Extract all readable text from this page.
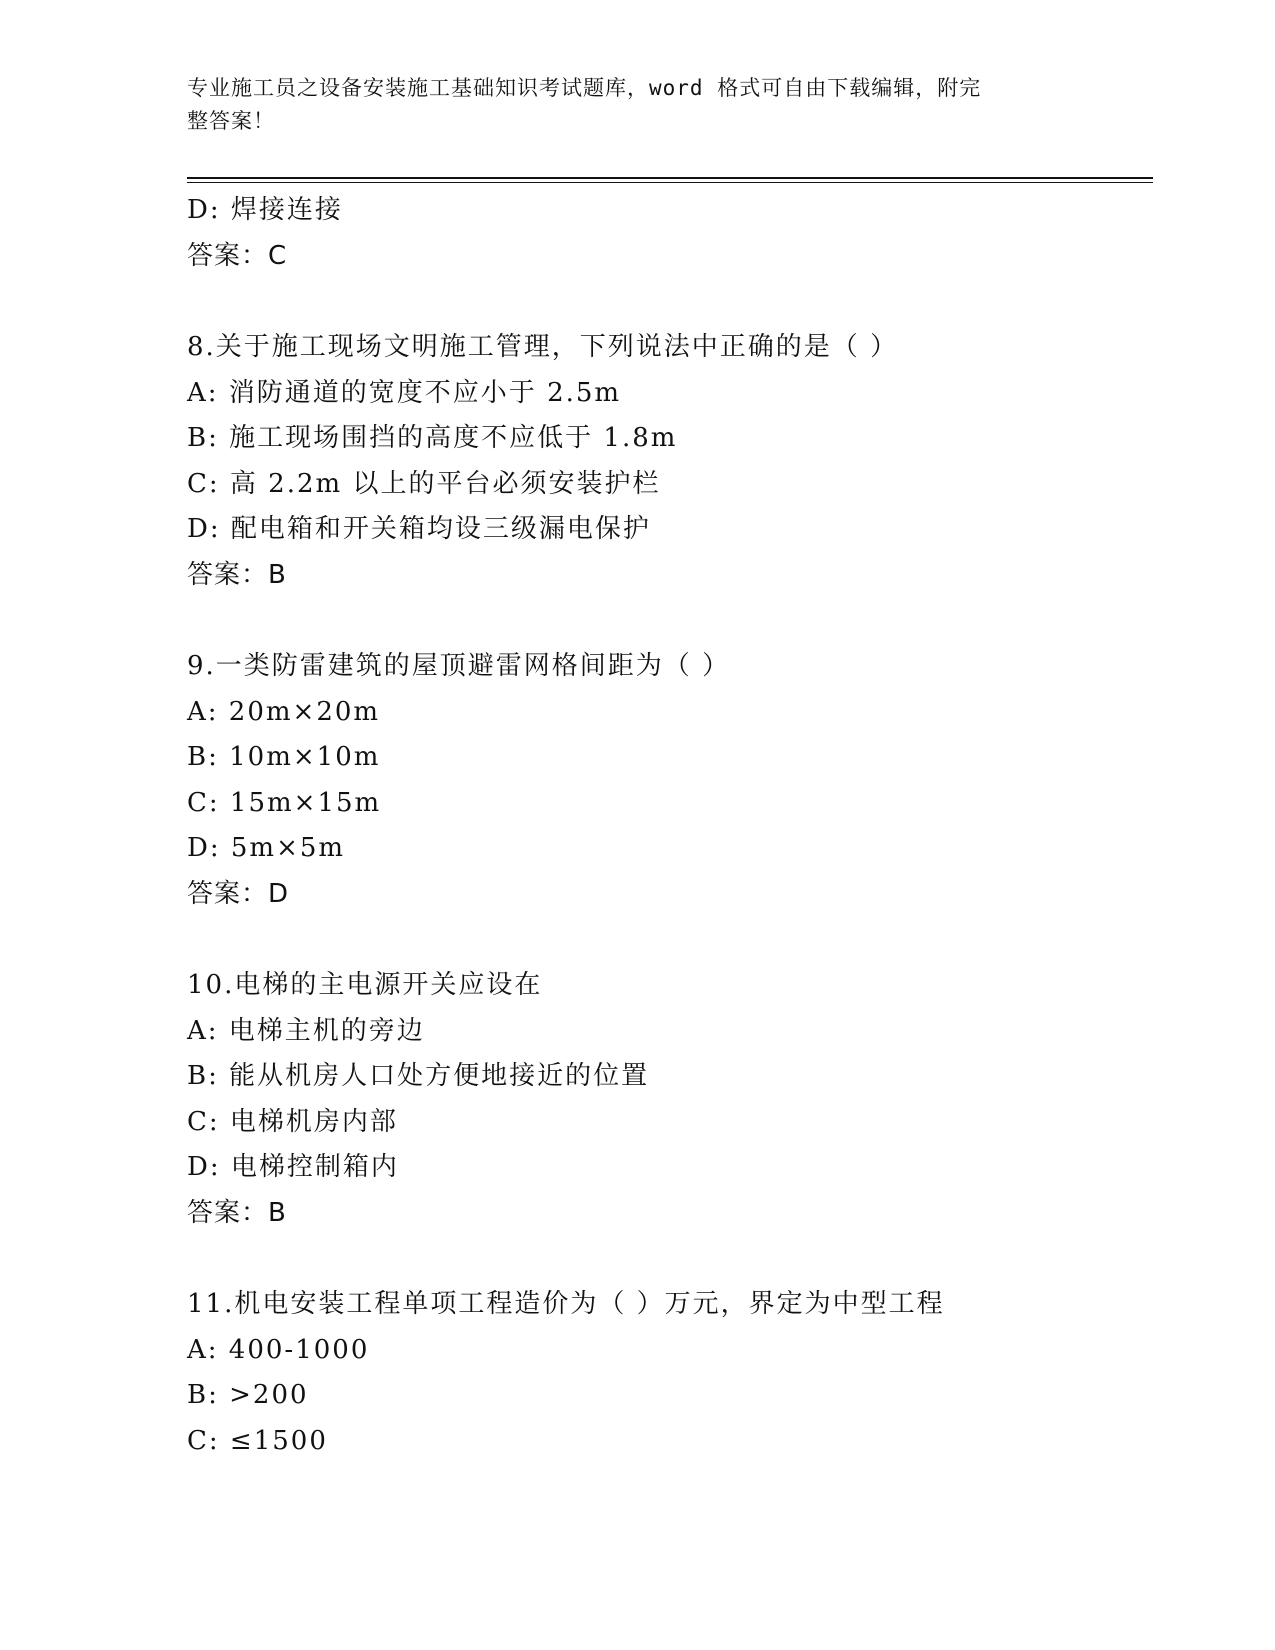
专业施工员之设备安装施工基础知识考试题库，word 格式可自由下载编辑，附完
整答案！
D: 焊接连接
答案：C
8.关于施工现场文明施工管理，下列说法中正确的是（ ）
A: 消防通道的宽度不应小于 2.5m
B: 施工现场围挡的高度不应低于 1.8m
C: 高 2.2m 以上的平台必须安装护栏
D: 配电箱和开关箱均设三级漏电保护
答案：B
9.一类防雷建筑的屋顶避雷网格间距为（ ）
A: 20m×20m
B: 10m×10m
C: 15m×15m
D: 5m×5m
答案：D
10.电梯的主电源开关应设在
A: 电梯主机的旁边
B: 能从机房人口处方便地接近的位置
C: 电梯机房内部
D: 电梯控制箱内
答案：B
11.机电安装工程单项工程造价为（ ）万元，界定为中型工程
A: 400-1000
B: >200
C: ≤1500
